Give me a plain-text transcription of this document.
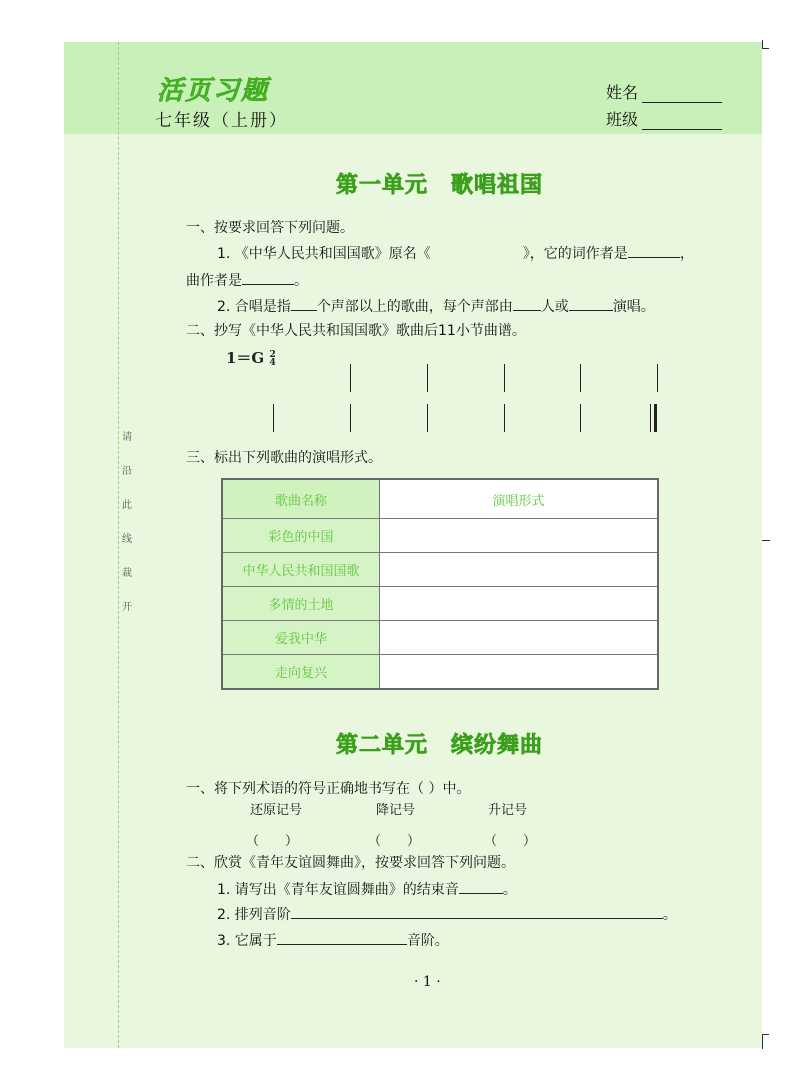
请
沿
此
线
裁
开
活页习题
七年级（上册）
姓名
班级
第一单元　歌唱祖国
一、按要求回答下列问题。
1. 《中华人民共和国国歌》原名《	》，它的词作者是	，
曲作者是	。
2. 合唱是指 个声部以上的歌曲，每个声部由 人或	演唱。
二、抄写《中华人民共和国国歌》歌曲后11小节曲谱。
1＝G 2
4
三、标出下列歌曲的演唱形式。
歌曲名称	演唱形式
彩色的中国	
中华人民共和国国歌	
多情的土地	
爱我中华	
走向复兴	
第二单元　缤纷舞曲
一、将下列术语的符号正确地书写在（ ）中。
还原记号	降记号	升记号
（　　）	（　　）	（　　）
二、欣赏《青年友谊圆舞曲》，按要求回答下列问题。
1. 请写出《青年友谊圆舞曲》的结束音	。
2. 排列音阶	。
3. 它属于	音阶。
· 1 ·
